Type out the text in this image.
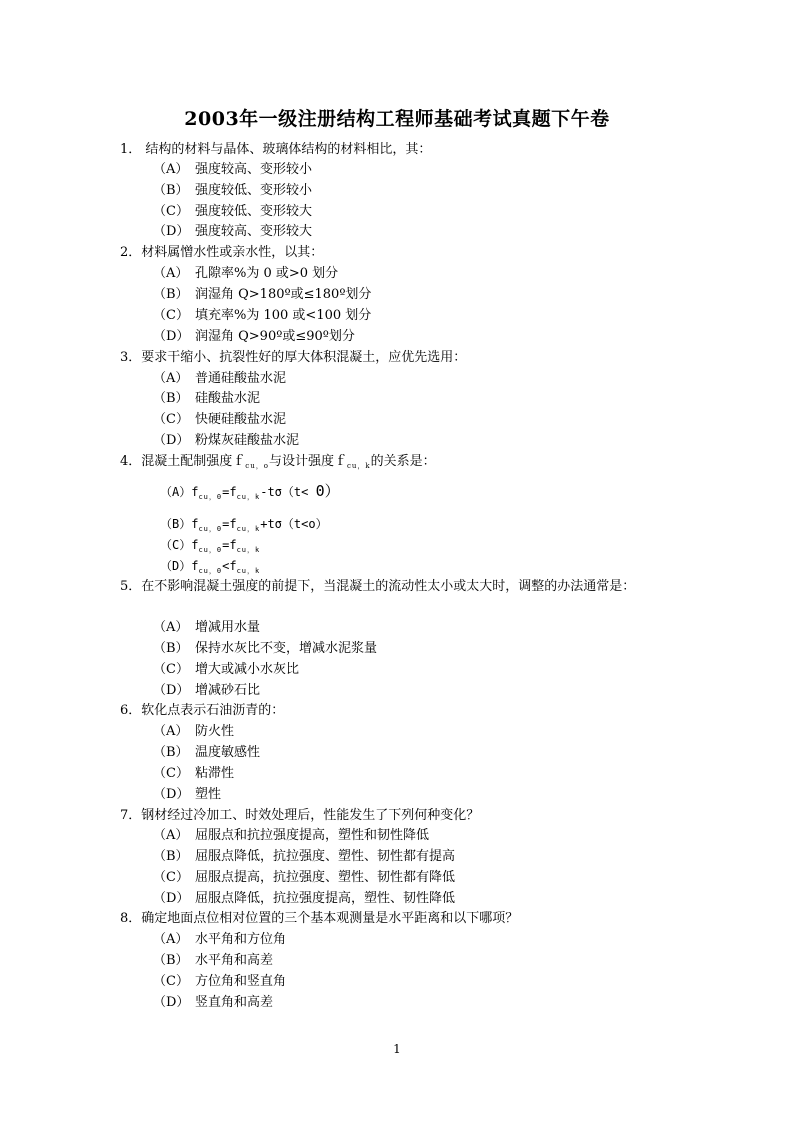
2003年一级注册结构工程师基础考试真题下午卷
1． 结构的材料与晶体、玻璃体结构的材料相比，其：
（A） 强度较高、变形较小
（B） 强度较低、变形较小
（C） 强度较低、变形较大
（D） 强度较高、变形较大
2．材料属憎水性或亲水性，以其：
（A） 孔隙率%为 0 或>0 划分
（B） 润湿角 Q>180º或≤180º划分
（C） 填充率%为 100 或<100 划分
（D） 润湿角 Q>90º或≤90º划分
3．要求干缩小、抗裂性好的厚大体积混凝土，应优先选用：
（A） 普通硅酸盐水泥
（B） 硅酸盐水泥
（C） 快硬硅酸盐水泥
（D） 粉煤灰硅酸盐水泥
4．混凝土配制强度ｆ$_{cu,o}$与设计强度ｆ$_{cu,k}$的关系是：
$(A)f_{cu,0}=f_{cu,k}-t\sigma(t< 0)$
$(B)f_{cu,0}=f_{cu,k}+t\sigma(t<o)$
$(C)f_{cu,0}=f_{cu,k}$
$(D)f_{cu,0}<f_{cu,k}$
5．在不影响混凝土强度的前提下，当混凝土的流动性太小或太大时，调整的办法通常是：
（A） 增减用水量
（B） 保持水灰比不变，增减水泥浆量
（C） 增大或减小水灰比
（D） 增减砂石比
6．软化点表示石油沥青的：
（A） 防火性
（B） 温度敏感性
（C） 粘滞性
（D） 塑性
7．钢材经过冷加工、时效处理后，性能发生了下列何种变化？
（A） 屈服点和抗拉强度提高，塑性和韧性降低
（B） 屈服点降低，抗拉强度、塑性、韧性都有提高
（C） 屈服点提高，抗拉强度、塑性、韧性都有降低
（D） 屈服点降低，抗拉强度提高，塑性、韧性降低
8．确定地面点位相对位置的三个基本观测量是水平距离和以下哪项？
（A） 水平角和方位角
（B） 水平角和高差
（C） 方位角和竖直角
（D） 竖直角和高差
1
